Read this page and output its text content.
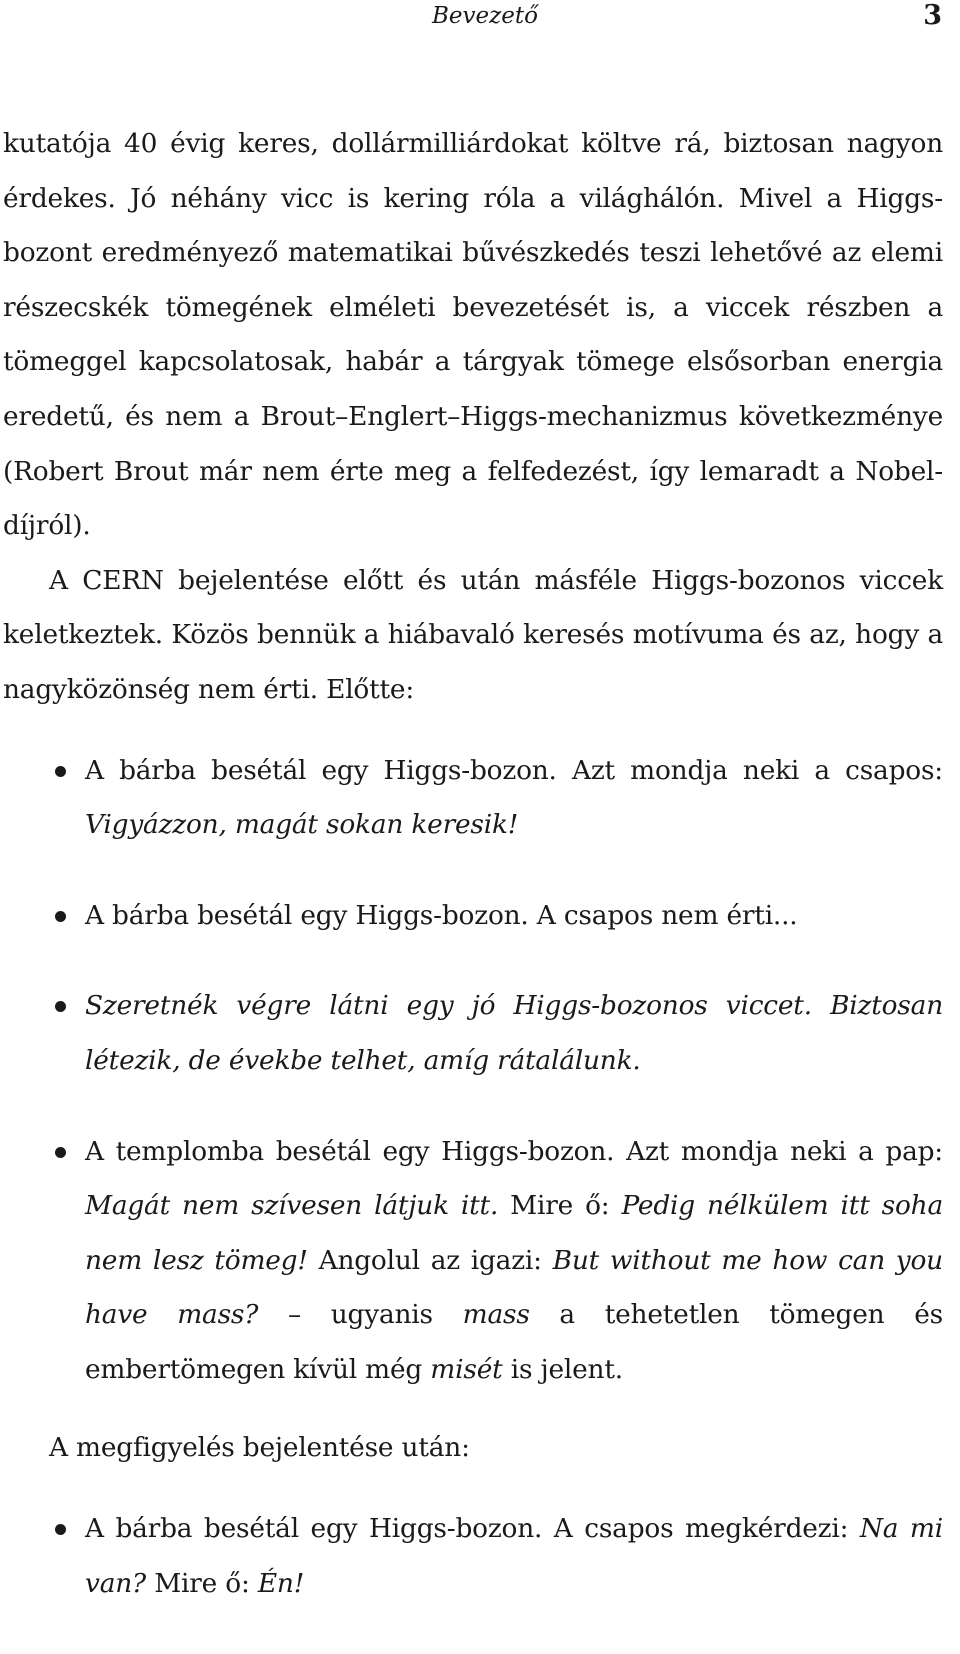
Bevezető	3

kutatója 40 évig keres, dollármilliárdokat költve rá, biztosan nagyon érdekes. Jó néhány vicc is kering róla a világhálón. Mivel a Higgs-bozont eredményező matematikai bűvészkedés teszi lehetővé az elemi részecskék tömegének elméleti bevezetését is, a viccek részben a tömeggel kapcsolatosak, habár a tárgyak tömege elsősorban energia eredetű, és nem a Brout–Englert–Higgs-mechanizmus következménye (Robert Brout már nem érte meg a felfedezést, így lemaradt a Nobel-díjról).

A CERN bejelentése előtt és után másféle Higgs-bozonos viccek keletkeztek. Közös bennük a hiábavaló keresés motívuma és az, hogy a nagyközönség nem érti. Előtte:

A bárba besétál egy Higgs-bozon. Azt mondja neki a csapos: Vigyázzon, magát sokan keresik!
A bárba besétál egy Higgs-bozon. A csapos nem érti...
Szeretnék végre látni egy jó Higgs-bozonos viccet. Biztosan létezik, de évekbe telhet, amíg rátalálunk.
A templomba besétál egy Higgs-bozon. Azt mondja neki a pap: Magát nem szívesen látjuk itt. Mire ő: Pedig nélkülem itt soha nem lesz tömeg! Angolul az igazi: But without me how can you have mass? – ugyanis mass a tehetetlen tömegen és embertömegen kívül még misét is jelent.

A megfigyelés bejelentése után:

A bárba besétál egy Higgs-bozon. A csapos megkérdezi: Na mi van? Mire ő: Én!
